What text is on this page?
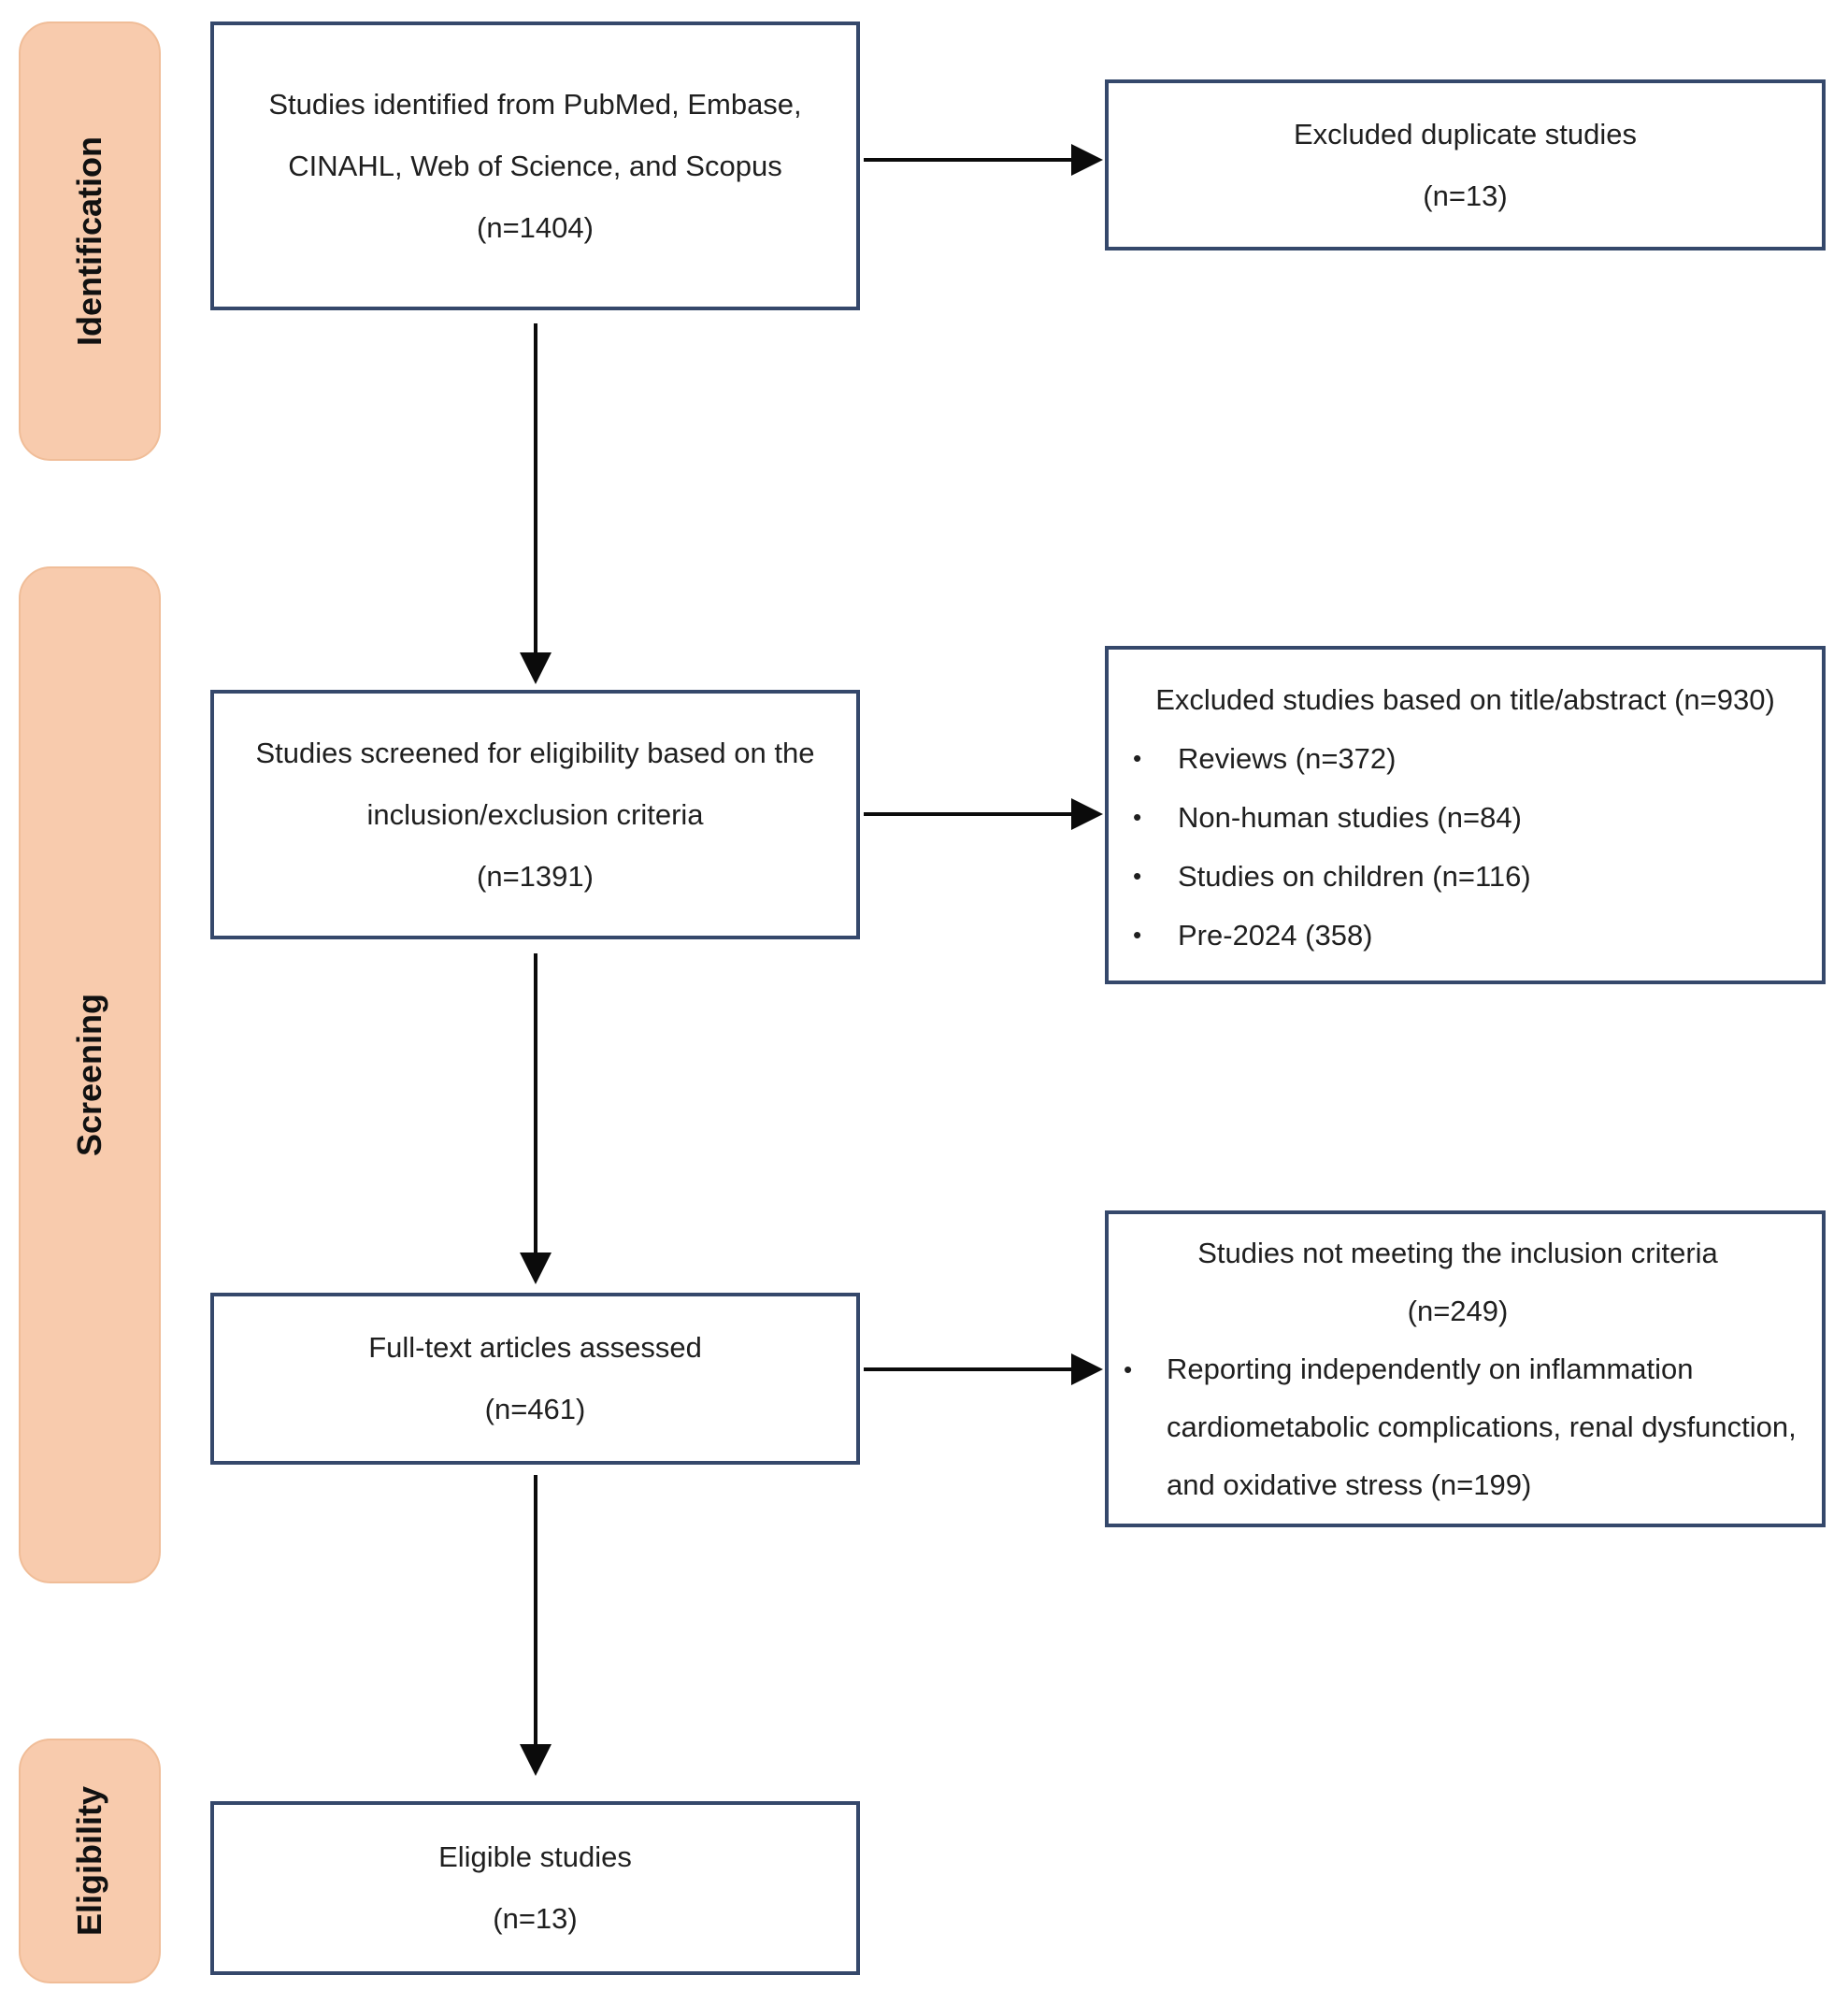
Identification
Screening
Eligibility
Studies identified from PubMed, Embase,
CINAHL, Web of Science, and Scopus
(n=1404)
Studies screened for eligibility based on the
inclusion/exclusion criteria
(n=1391)
Full-text articles assessed
(n=461)
Eligible studies
(n=13)
Excluded duplicate studies
(n=13)
Excluded studies based on title/abstract (n=930)
• Reviews (n=372)
• Non-human studies (n=84)
• Studies on children (n=116)
• Pre-2024 (358)
Studies not meeting the inclusion criteria
(n=249)
• Reporting independently on inflammation cardiometabolic complications, renal dysfunction, and oxidative stress (n=199)
